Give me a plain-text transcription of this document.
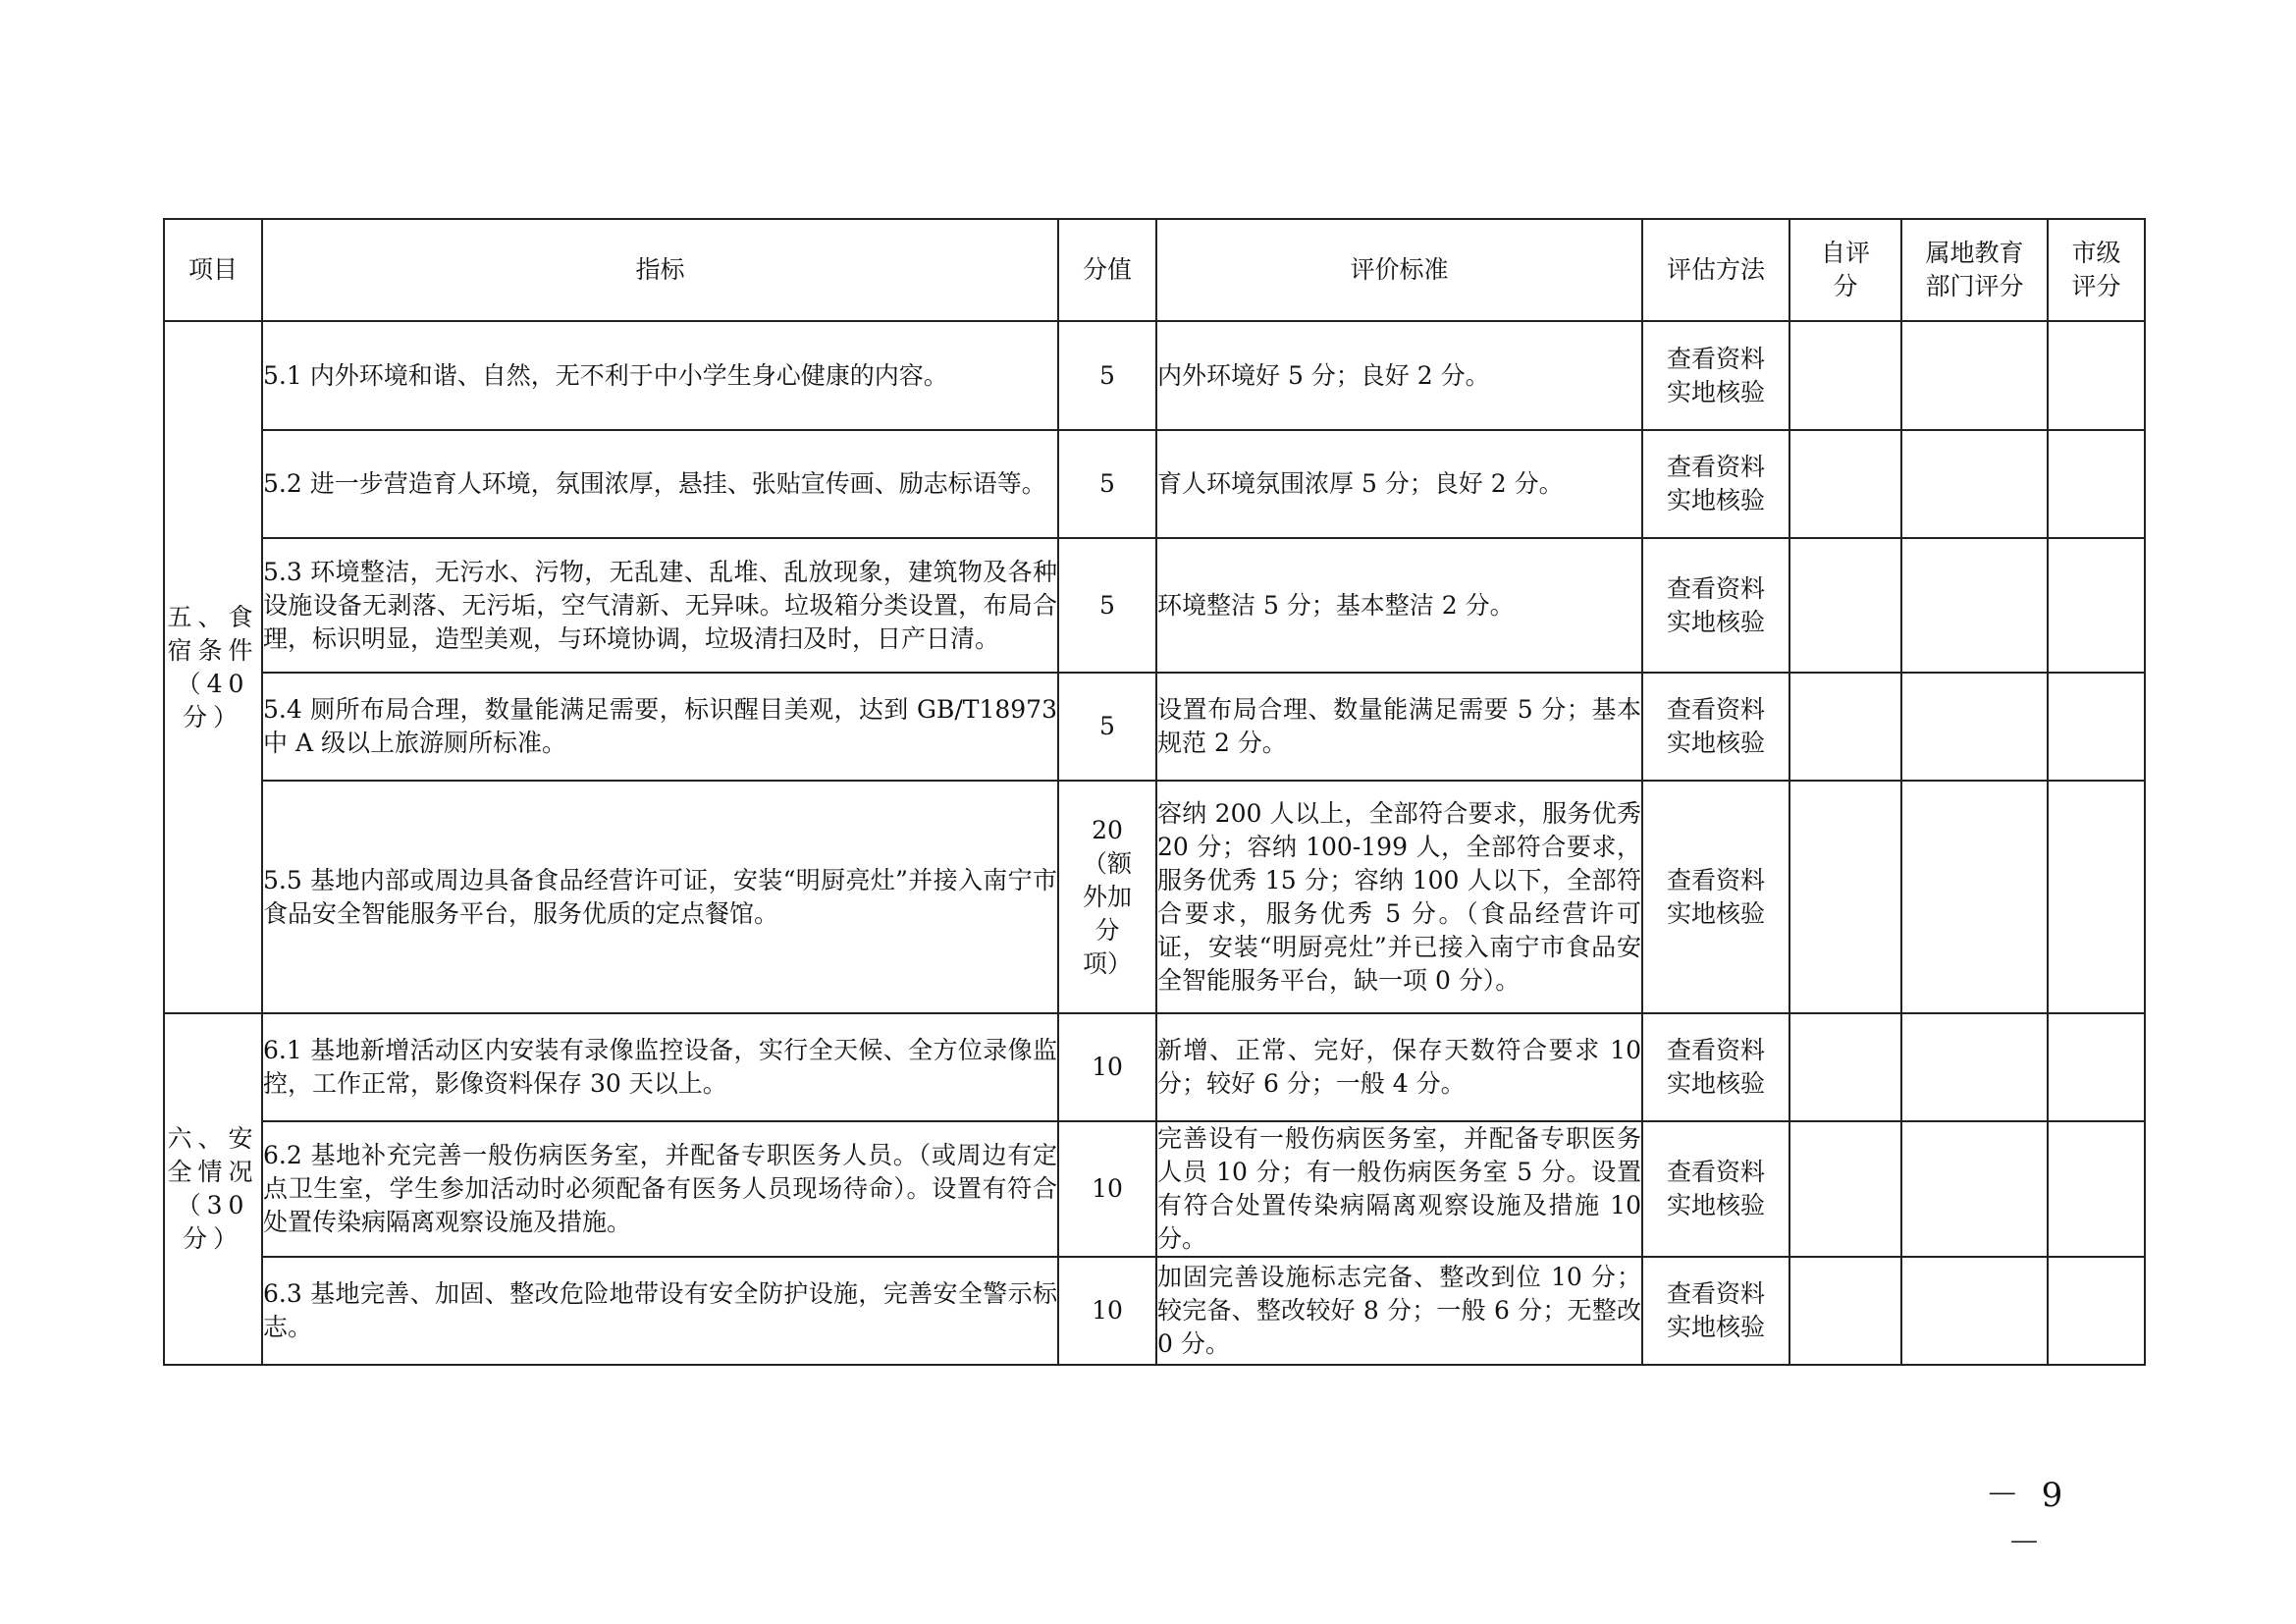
项目	指标	分值	评价标准	评估方法	自评分	属地教育部门评分	市级评分
五、食宿条件（40分）	5.1 内外环境和谐、自然，无不利于中小学生身心健康的内容。	5	内外环境好 5 分；良好 2 分。	查看资料
实地核验			

	5.2 进一步营造育人环境，氛围浓厚，悬挂、张贴宣传画、励志标语等。	5	育人环境氛围浓厚 5 分；良好 2 分。	查看资料
实地核验			

	5.3 环境整洁，无污水、污物，无乱建、乱堆、乱放现象，建筑物及各种设施设备无剥落、无污垢，空气清新、无异味。垃圾箱分类设置，布局合理，标识明显，造型美观，与环境协调，垃圾清扫及时，日产日清。	5	环境整洁 5 分；基本整洁 2 分。	查看资料
实地核验			

	5.4 厕所布局合理，数量能满足需要，标识醒目美观，达到 GB/T18973 中 A 级以上旅游厕所标准。	5	设置布局合理、数量能满足需要 5 分；基本规范 2 分。	查看资料
实地核验			

	5.5 基地内部或周边具备食品经营许可证，安装“明厨亮灶”并接入南宁市食品安全智能服务平台，服务优质的定点餐馆。	20（额外加分项）	容纳 200 人以上，全部符合要求，服务优秀 20 分；容纳 100-199 人，全部符合要求，服务优秀 15 分；容纳 100 人以下，全部符合要求，服务优秀 5 分。（食品经营许可证，安装“明厨亮灶”并已接入南宁市食品安全智能服务平台，缺一项 0 分）。	查看资料
实地核验			

六、安全情况（30分）	6.1 基地新增活动区内安装有录像监控设备，实行全天候、全方位录像监控，工作正常，影像资料保存 30 天以上。	10	新增、正常、完好，保存天数符合要求 10 分；较好 6 分；一般 4 分。	查看资料
实地核验			

	6.2 基地补充完善一般伤病医务室，并配备专职医务人员。（或周边有定点卫生室，学生参加活动时必须配备有医务人员现场待命）。设置有符合处置传染病隔离观察设施及措施。	10	完善设有一般伤病医务室，并配备专职医务人员 10 分；有一般伤病医务室 5 分。设置有符合处置传染病隔离观察设施及措施 10 分。	查看资料
实地核验			

	6.3 基地完善、加固、整改危险地带设有安全防护设施，完善安全警示标志。	10	加固完善设施标志完备、整改到位 10 分；较完备、整改较好 8 分；一般 6 分；无整改 0 分。	查看资料
实地核验			

－ 9 －
